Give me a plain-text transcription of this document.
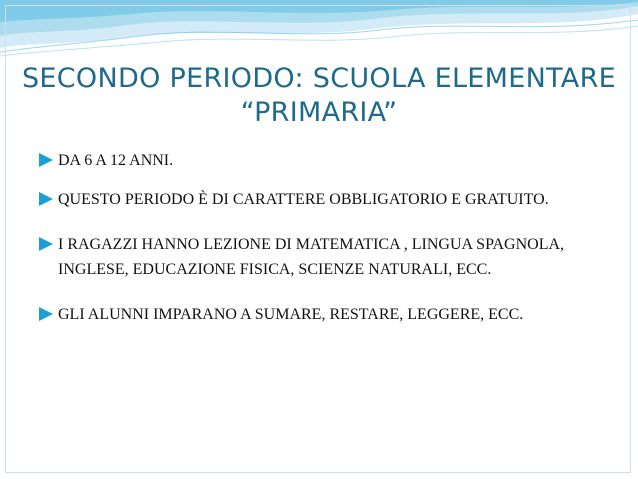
SECONDO PERIODO: SCUOLA ELEMENTARE
“PRIMARIA”
DA 6 A 12 ANNI.
QUESTO PERIODO È DI CARATTERE OBBLIGATORIO E GRATUITO.
I RAGAZZI HANNO LEZIONE DI MATEMATICA , LINGUA SPAGNOLA, INGLESE, EDUCAZIONE FISICA, SCIENZE NATURALI, ECC.
GLI ALUNNI IMPARANO A SUMARE, RESTARE, LEGGERE, ECC.
